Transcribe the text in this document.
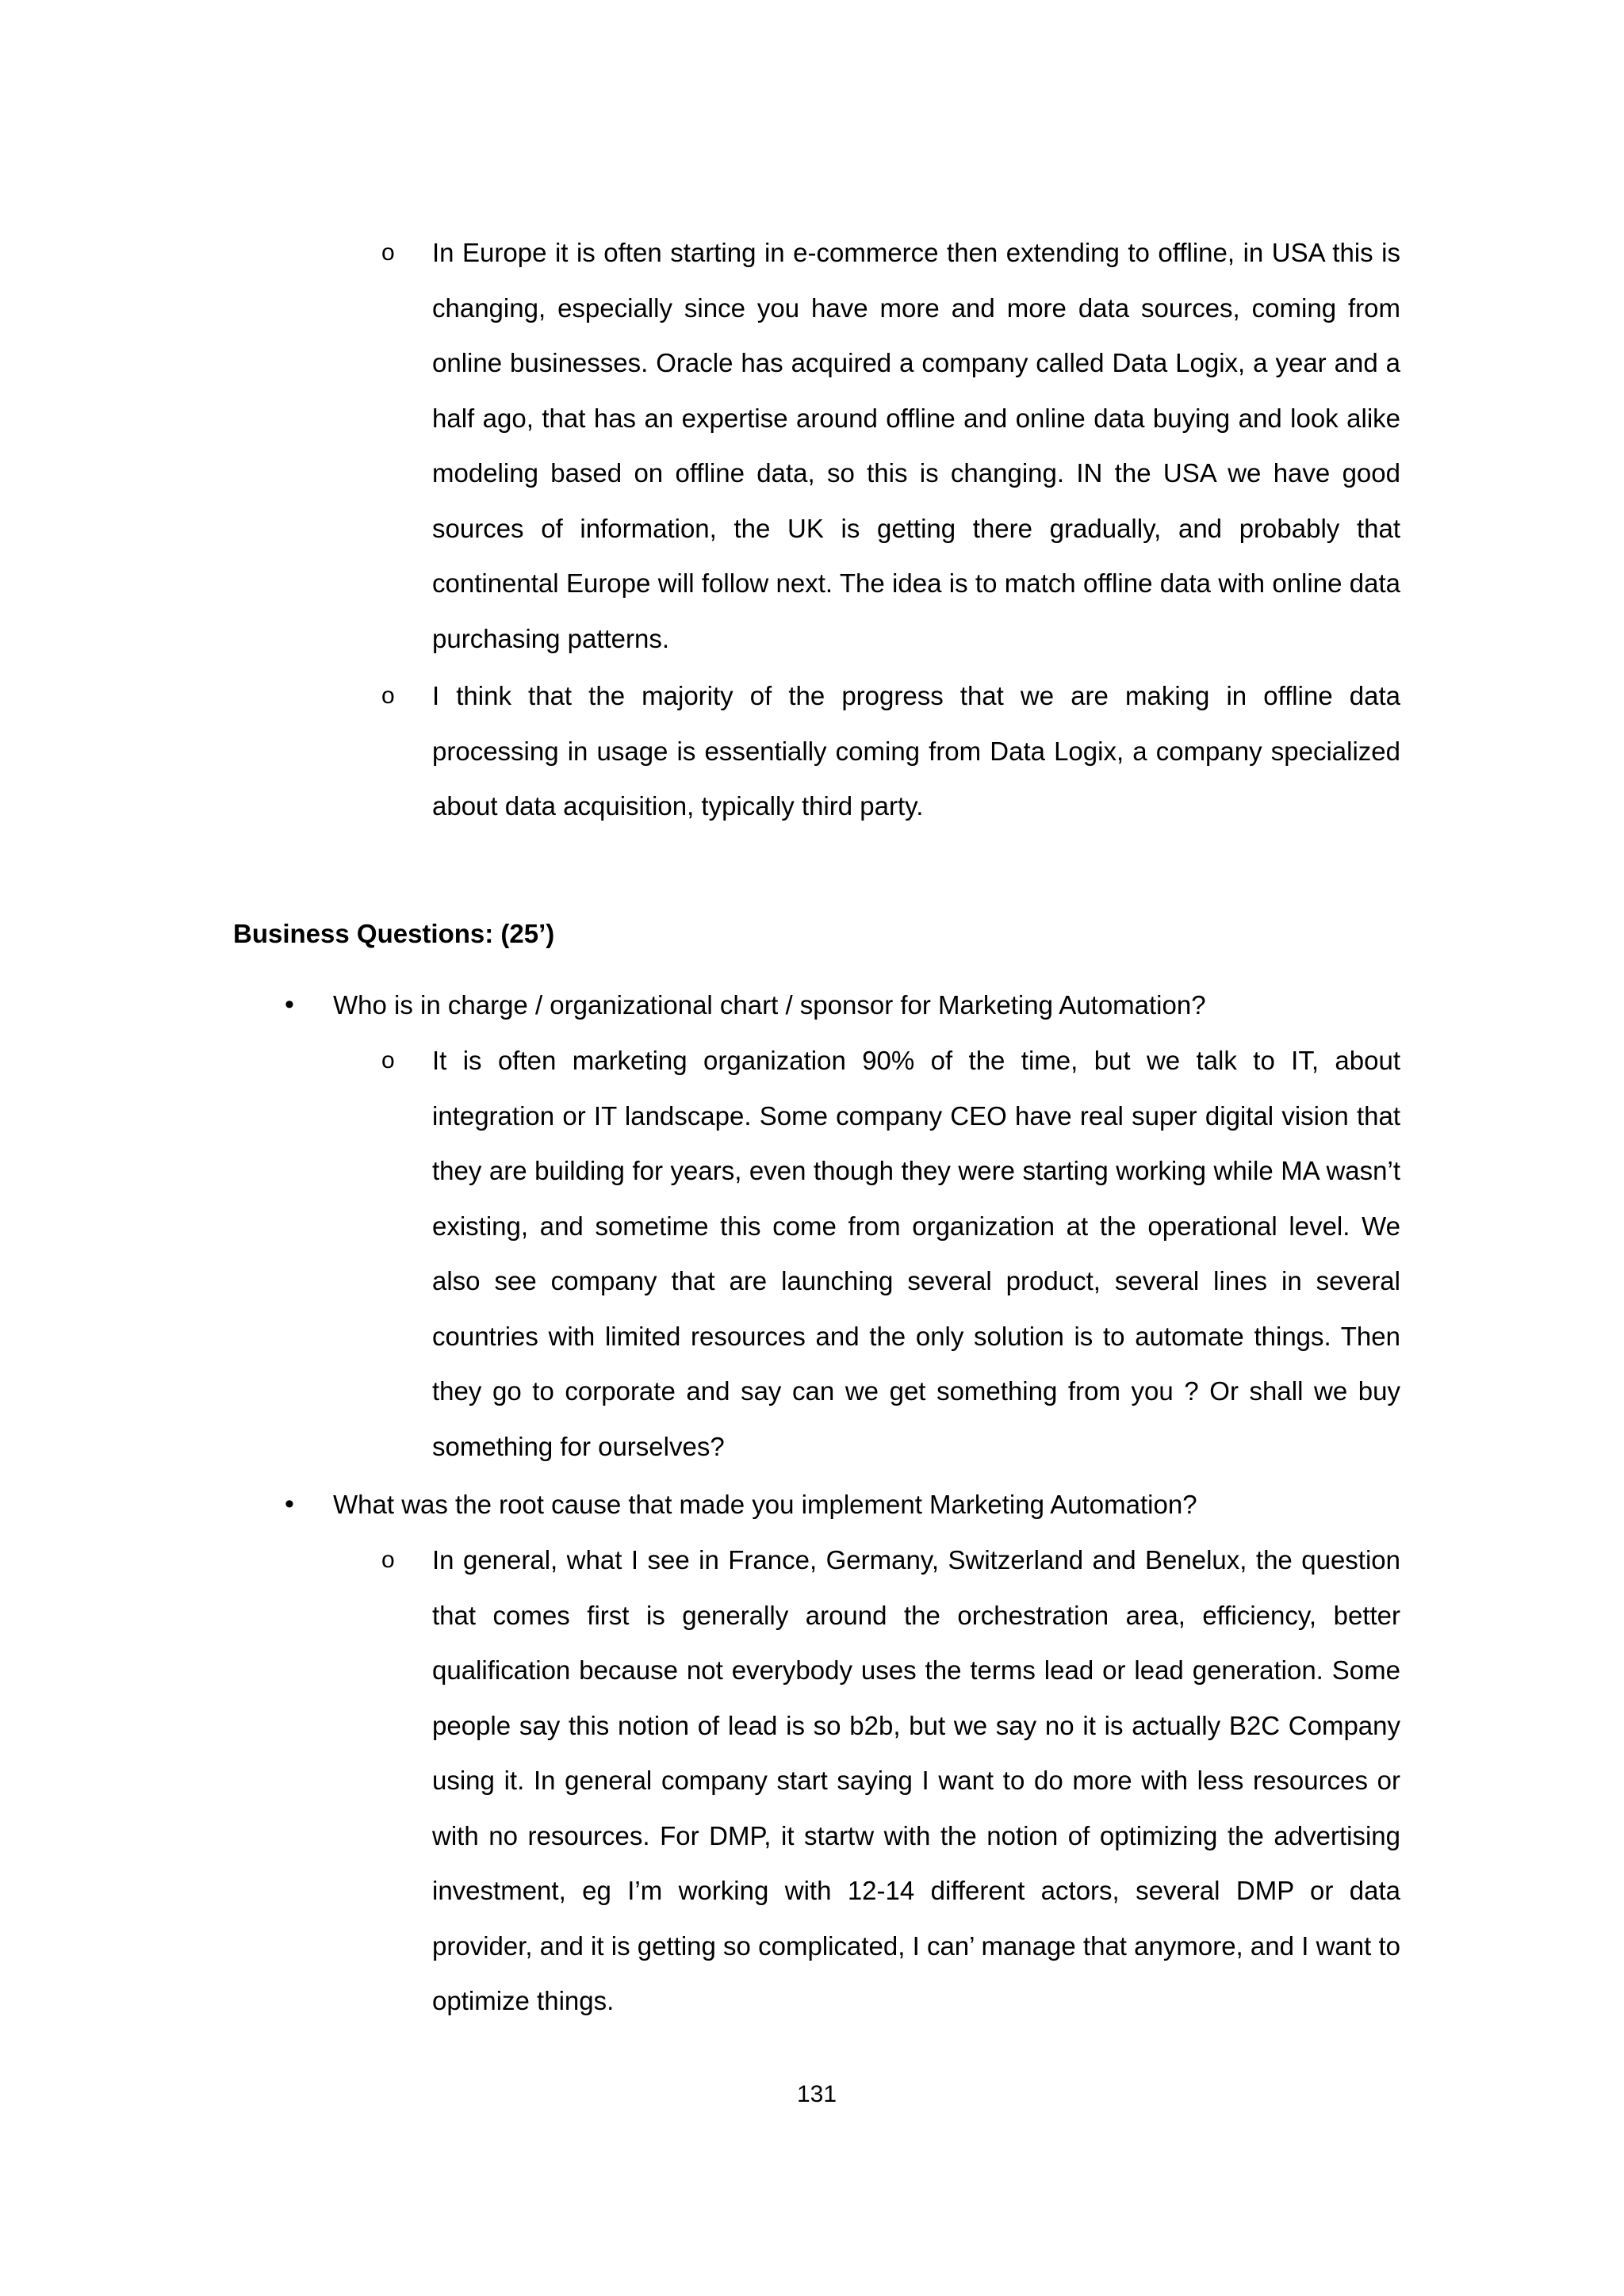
o In Europe it is often starting in e-commerce then extending to offline, in USA this is changing, especially since you have more and more data sources, coming from online businesses. Oracle has acquired a company called Data Logix, a year and a half ago, that has an expertise around offline and online data buying and look alike modeling based on offline data, so this is changing. IN the USA we have good sources of information, the UK is getting there gradually, and probably that continental Europe will follow next. The idea is to match offline data with online data purchasing patterns.
o I think that the majority of the progress that we are making in offline data processing in usage is essentially coming from Data Logix, a company specialized about data acquisition, typically third party.
Business Questions: (25’)
• Who is in charge / organizational chart / sponsor for Marketing Automation?
o It is often marketing organization 90% of the time, but we talk to IT, about integration or IT landscape. Some company CEO have real super digital vision that they are building for years, even though they were starting working while MA wasn’t existing, and sometime this come from organization at the operational level. We also see company that are launching several product, several lines in several countries with limited resources and the only solution is to automate things. Then they go to corporate and say can we get something from you ? Or shall we buy something for ourselves?
• What was the root cause that made you implement Marketing Automation?
o In general, what I see in France, Germany, Switzerland and Benelux, the question that comes first is generally around the orchestration area, efficiency, better qualification because not everybody uses the terms lead or lead generation. Some people say this notion of lead is so b2b, but we say no it is actually B2C Company using it. In general company start saying I want to do more with less resources or with no resources. For DMP, it startw with the notion of optimizing the advertising investment, eg I’m working with 12-14 different actors, several DMP or data provider, and it is getting so complicated, I can’ manage that anymore, and I want to optimize things.
131
